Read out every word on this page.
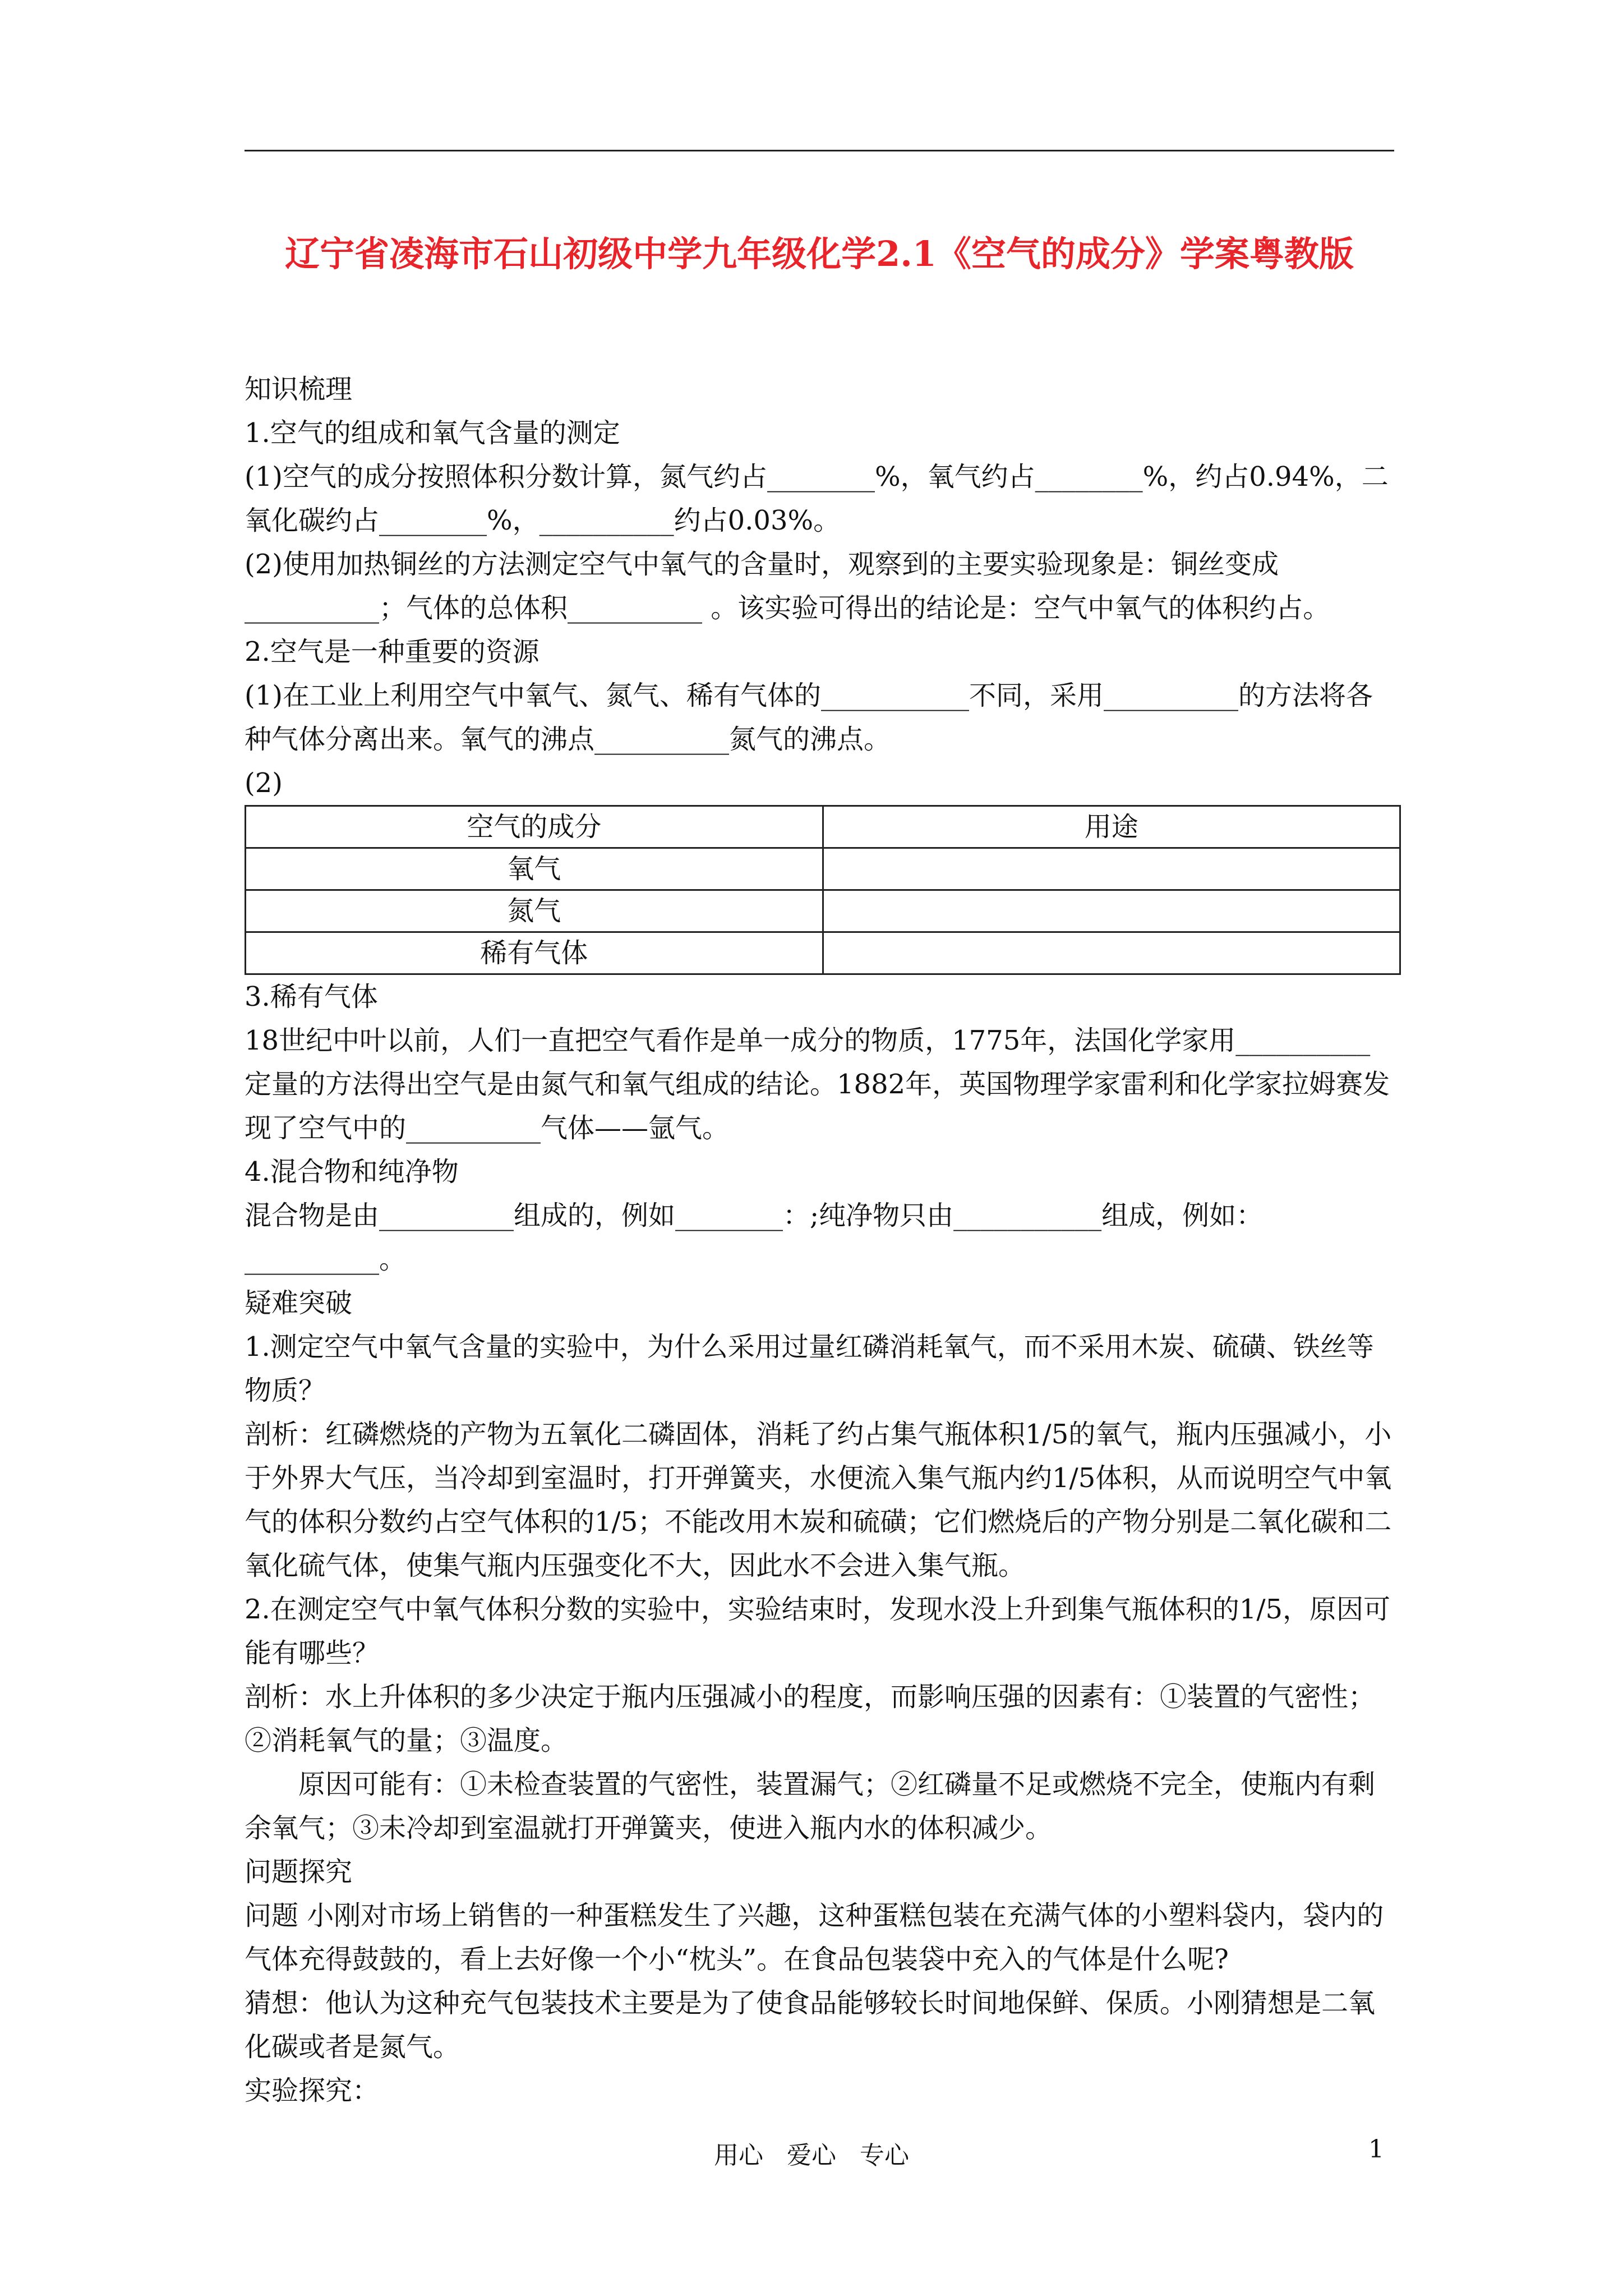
辽宁省凌海市石山初级中学九年级化学2.1《空气的成分》学案粤教版

知识梳理

1.空气的组成和氧气含量的测定

(1)空气的成分按照体积分数计算，氮气约占________%，氧气约占________%，约占0.94%，二氧化碳约占________%，__________约占0.03%。

(2)使用加热铜丝的方法测定空气中氧气的含量时，观察到的主要实验现象是：铜丝变成__________；气体的总体积__________ 。该实验可得出的结论是：空气中氧气的体积约占。

2.空气是一种重要的资源

(1)在工业上利用空气中氧气、氮气、稀有气体的___________不同，采用__________的方法将各种气体分离出来。氧气的沸点__________氮气的沸点。

(2)

空气的成分	用途
氧气	
氮气	
稀有气体	

3.稀有气体

18世纪中叶以前，人们一直把空气看作是单一成分的物质，1775年，法国化学家用__________定量的方法得出空气是由氮气和氧气组成的结论。1882年，英国物理学家雷利和化学家拉姆赛发现了空气中的__________气体——氩气。

4.混合物和纯净物

混合物是由__________组成的，例如________：;纯净物只由___________组成，例如：__________。

疑难突破

1.测定空气中氧气含量的实验中，为什么采用过量红磷消耗氧气，而不采用木炭、硫磺、铁丝等物质？

剖析：红磷燃烧的产物为五氧化二磷固体，消耗了约占集气瓶体积1/5的氧气，瓶内压强减小，小于外界大气压，当冷却到室温时，打开弹簧夹，水便流入集气瓶内约1/5体积，从而说明空气中氧气的体积分数约占空气体积的1/5；不能改用木炭和硫磺；它们燃烧后的产物分别是二氧化碳和二氧化硫气体，使集气瓶内压强变化不大，因此水不会进入集气瓶。

2.在测定空气中氧气体积分数的实验中，实验结束时，发现水没上升到集气瓶体积的1/5，原因可能有哪些？

剖析：水上升体积的多少决定于瓶内压强减小的程度，而影响压强的因素有：①装置的气密性；②消耗氧气的量；③温度。

原因可能有：①未检查装置的气密性，装置漏气；②红磷量不足或燃烧不完全，使瓶内有剩余氧气；③未冷却到室温就打开弹簧夹，使进入瓶内水的体积减少。

问题探究

问题 小刚对市场上销售的一种蛋糕发生了兴趣，这种蛋糕包装在充满气体的小塑料袋内，袋内的气体充得鼓鼓的，看上去好像一个小“枕头”。在食品包装袋中充入的气体是什么呢?

猜想：他认为这种充气包装技术主要是为了使食品能够较长时间地保鲜、保质。小刚猜想是二氧化碳或者是氮气。

实验探究：

用心 爱心 专心	1
